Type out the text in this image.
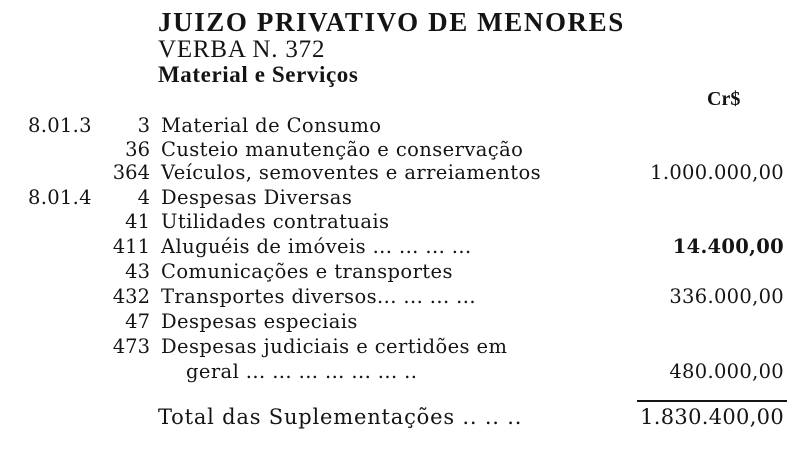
JUIZO PRIVATIVO DE MENORES
VERBA N. 372
Material e Serviços
Cr$
8.01.3 3 Material de Consumo
36 Custeio manutenção e conservação
364 Veículos, semoventes e arreiamentos	1.000.000,00
8.01.4 4 Despesas Diversas
41 Utilidades contratuais
411 Aluguéis de imóveis ... ... ... ...	14.400,00
43 Comunicações e transportes
432 Transportes diversos... ... ... ...	336.000,00
47 Despesas especiais
473 Despesas judiciais e certidões em
geral ... ... ... ... ... ... ..	480.000,00
Total das Suplementações .. .. ..	1.830.400,00
